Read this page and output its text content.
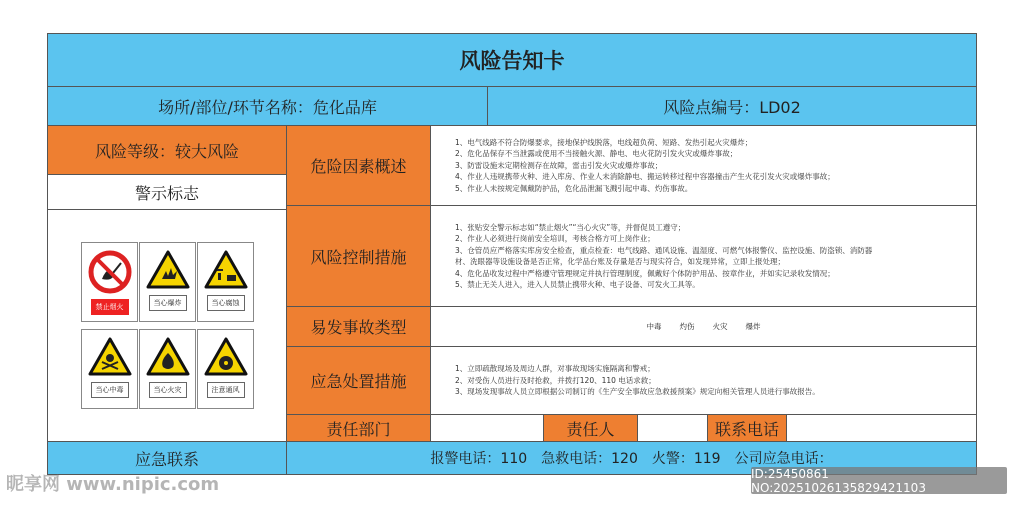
风险告知卡
场所/部位/环节名称：危化品库	风险点编号：LD02
风险等级：较大风险
警示标志
禁止烟火	当心爆炸	当心腐蚀
当心中毒	当心火灾	注意通风
应急联系
危险因素概述
1、电气线路不符合防爆要求，接地保护线脱落，电线超负荷、短路、发热引起火灾爆炸；
2、危化品保存不当泄露或使用不当接触火源、静电、电火花防引发火灾或爆炸事故；
3、防雷设施未定期检测存在故障，雷击引发火灾或爆炸事故；
4、作业人违规携带火种、进入库房、作业人未消除静电、搬运转移过程中容器撞击产生火花引发火灾或爆炸事故；
5、作业人未按规定佩戴防护品，危化品泄漏飞溅引起中毒、灼伤事故。
风险控制措施
1、张贴安全警示标志如“禁止烟火”“当心火灾”等，并督促员工遵守；
2、作业人必须进行岗前安全培训，考核合格方可上岗作业；
3、仓管员应严格落实库房安全检查，重点检查：电气线路、通风设施、温湿度、可燃气体报警仪、监控设施、防盗锁、消防器
材、洗眼器等设施设备是否正常，化学品台账及存量是否与现实符合，如发现异常，立即上报处理；
4、危化品收发过程中严格遵守管理规定并执行管理制度，佩戴好个体防护用品、按章作业，并如实记录收发情况；
5、禁止无关人进入，进入人员禁止携带火种、电子设备、可发火工具等。
易发事故类型	中毒 灼伤 火灾 爆炸
应急处置措施
1、立即疏散现场及周边人群，对事故现场实施隔离和警戒；
2、对受伤人员进行及时抢救，并拨打120、110 电话求救；
3、现场发现事故人员立即根据公司制订的《生产安全事故应急救援预案》规定向相关管理人员进行事故报告。
责任部门	责任人	联系电话
报警电话：110　急救电话：120　火警：119　公司应急电话：
昵享网 www.nipic.com
ID:25450861 NO:20251026135829421103
